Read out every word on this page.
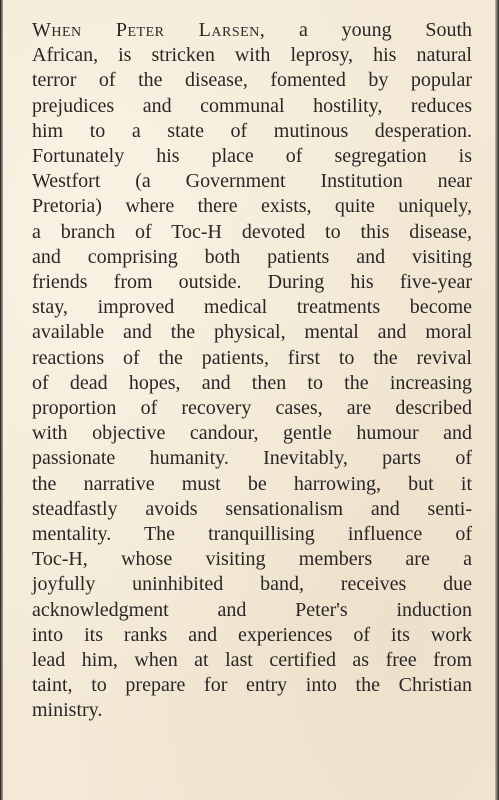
When Peter Larsen, a young South
African, is stricken with leprosy, his natural
terror of the disease, fomented by popular
prejudices and communal hostility, reduces
him to a state of mutinous desperation.
Fortunately his place of segregation is
Westfort (a Government Institution near
Pretoria) where there exists, quite uniquely,
a branch of Toc-H devoted to this disease,
and comprising both patients and visiting
friends from outside. During his five-year
stay, improved medical treatments become
available and the physical, mental and moral
reactions of the patients, first to the revival
of dead hopes, and then to the increasing
proportion of recovery cases, are described
with objective candour, gentle humour and
passionate humanity. Inevitably, parts of
the narrative must be harrowing, but it
steadfastly avoids sensationalism and senti-
mentality. The tranquillising influence of
Toc-H, whose visiting members are a
joyfully uninhibited band, receives due
acknowledgment and Peter's induction
into its ranks and experiences of its work
lead him, when at last certified as free from
taint, to prepare for entry into the Christian
ministry.
